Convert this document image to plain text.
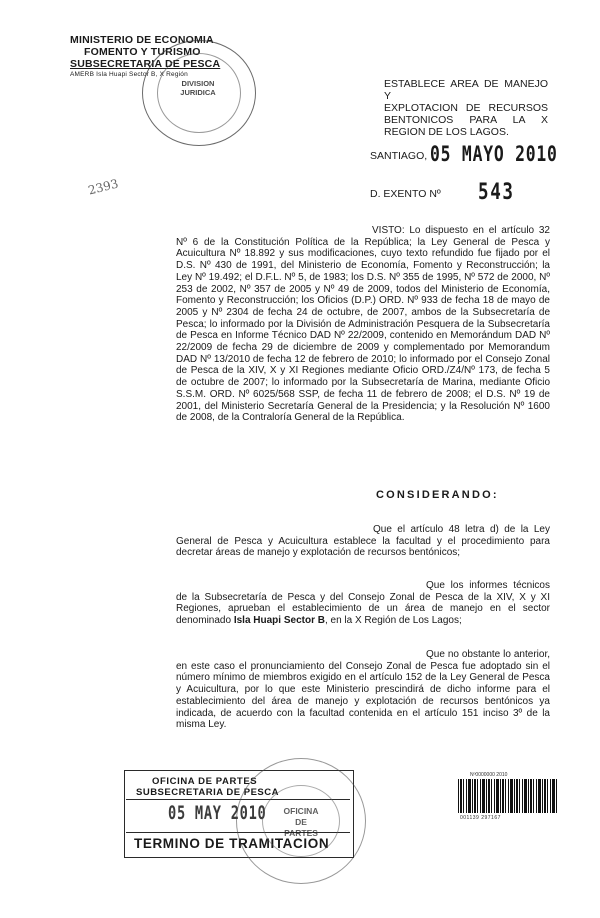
MINISTERIO DE ECONOMIA
FOMENTO Y TURISMO
SUBSECRETARIA DE PESCA
AMERB Isla Huapi Sector B, X Región
DIVISION
JURIDICA
2393
ESTABLECE AREA DE MANEJO Y
EXPLOTACION DE RECURSOS
BENTONICOS PARA LA X
REGION DE LOS LAGOS.
SANTIAGO, 05 MAYO 2010
D. EXENTO Nº 543
VISTO: Lo dispuesto en el artículo 32 Nº 6 de la Constitución Política de la República; la Ley General de Pesca y Acuicultura Nº 18.892 y sus modificaciones, cuyo texto refundido fue fijado por el D.S. Nº 430 de 1991, del Ministerio de Economía, Fomento y Reconstrucción; la Ley Nº 19.492; el D.F.L. Nº 5, de 1983; los D.S. Nº 355 de 1995, Nº 572 de 2000, Nº 253 de 2002, Nº 357 de 2005 y Nº 49 de 2009, todos del Ministerio de Economía, Fomento y Reconstrucción; los Oficios (D.P.) ORD. Nº 933 de fecha 18 de mayo de 2005 y Nº 2304 de fecha 24 de octubre, de 2007, ambos de la Subsecretaría de Pesca; lo informado por la División de Administración Pesquera de la Subsecretaría de Pesca en Informe Técnico DAD Nº 22/2009, contenido en Memorándum DAD Nº 22/2009 de fecha 29 de diciembre de 2009 y complementado por Memorandum DAD Nº 13/2010 de fecha 12 de febrero de 2010; lo informado por el Consejo Zonal de Pesca de la XIV, X y XI Regiones mediante Oficio ORD./Z4/Nº 173, de fecha 5 de octubre de 2007; lo informado por la Subsecretaría de Marina, mediante Oficio S.S.M. ORD. Nº 6025/568 SSP, de fecha 11 de febrero de 2008; el D.S. Nº 19 de 2001, del Ministerio Secretaría General de la Presidencia; y la Resolución Nº 1600 de 2008, de la Contraloría General de la República.
CONSIDERANDO:
Que el artículo 48 letra d) de la Ley General de Pesca y Acuicultura establece la facultad y el procedimiento para decretar áreas de manejo y explotación de recursos bentónicos;
Que los informes técnicos de la Subsecretaría de Pesca y del Consejo Zonal de Pesca de la XIV, X y XI Regiones, aprueban el establecimiento de un área de manejo en el sector denominado Isla Huapi Sector B, en la X Región de Los Lagos;
Que no obstante lo anterior, en este caso el pronunciamiento del Consejo Zonal de Pesca fue adoptado sin el número mínimo de miembros exigido en el artículo 152 de la Ley General de Pesca y Acuicultura, por lo que este Ministerio prescindirá de dicho informe para el establecimiento del área de manejo y explotación de recursos bentónicos ya indicada, de acuerdo con la facultad contenida en el artículo 151 inciso 3º de la misma Ley.
OFICINA DE PARTES
SUBSECRETARIA DE PESCA
05 MAY 2010
TERMINO DE TRAMITACION
OFICINA
DE
PARTES
Nº0000000 2010
001139 297167
